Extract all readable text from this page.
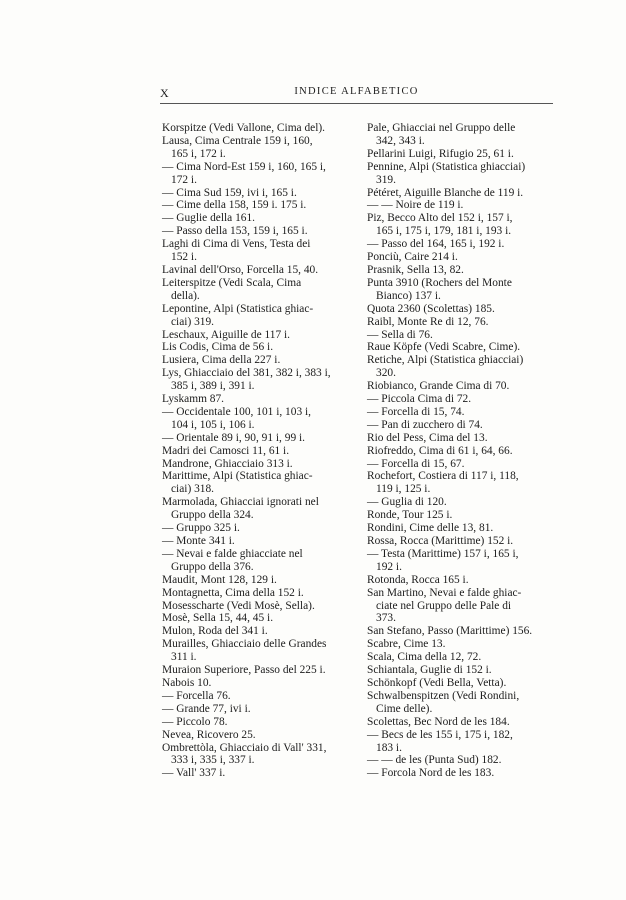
X	INDICE ALFABETICO

Korspitze (Vedi Vallone, Cima del).

Lausa, Cima Centrale 159 i, 160,

165 i, 172 i.

— Cima Nord-Est 159 i, 160, 165 i,

172 i.

— Cima Sud 159, ivi i, 165 i.

— Cime della 158, 159 i. 175 i.

— Guglie della 161.

— Passo della 153, 159 i, 165 i.

Laghi di Cima di Vens, Testa dei

152 i.

Lavinal dell'Orso, Forcella 15, 40.

Leiterspitze (Vedi Scala, Cima

della).

Lepontine, Alpi (Statistica ghiac-

ciai) 319.

Leschaux, Aiguille de 117 i.

Lis Codis, Cima de 56 i.

Lusiera, Cima della 227 i.

Lys, Ghiacciaio del 381, 382 i, 383 i,

385 i, 389 i, 391 i.

Lyskamm 87.

— Occidentale 100, 101 i, 103 i,

104 i, 105 i, 106 i.

— Orientale 89 i, 90, 91 i, 99 i.

Madri dei Camosci 11, 61 i.

Mandrone, Ghiacciaio 313 i.

Marittime, Alpi (Statistica ghiac-

ciai) 318.

Marmolada, Ghiacciai ignorati nel

Gruppo della 324.

— Gruppo 325 i.

— Monte 341 i.

— Nevai e falde ghiacciate nel

Gruppo della 376.

Maudit, Mont 128, 129 i.

Montagnetta, Cima della 152 i.

Mosesscharte (Vedi Mosè, Sella).

Mosè, Sella 15, 44, 45 i.

Mulon, Roda del 341 i.

Murailles, Ghiacciaio delle Grandes

311 i.

Muraion Superiore, Passo del 225 i.

Nabois 10.

— Forcella 76.

— Grande 77, ivi i.

— Piccolo 78.

Nevea, Ricovero 25.

Ombrettòla, Ghiacciaio di Vall' 331,

333 i, 335 i, 337 i.

— Vall' 337 i.

Pale, Ghiacciai nel Gruppo delle

342, 343 i.

Pellarini Luigi, Rifugio 25, 61 i.

Pennine, Alpi (Statistica ghiacciai)

319.

Pétéret, Aiguille Blanche de 119 i.

— — Noire de 119 i.

Piz, Becco Alto del 152 i, 157 i,

165 i, 175 i, 179, 181 i, 193 i.

— Passo del 164, 165 i, 192 i.

Ponciù, Caire 214 i.

Prasnik, Sella 13, 82.

Punta 3910 (Rochers del Monte

Bianco) 137 i.

Quota 2360 (Scolettas) 185.

Raibl, Monte Re di 12, 76.

— Sella di 76.

Raue Köpfe (Vedi Scabre, Cime).

Retiche, Alpi (Statistica ghiacciai)

320.

Riobianco, Grande Cima di 70.

— Piccola Cima di 72.

— Forcella di 15, 74.

— Pan di zucchero di 74.

Rio del Pess, Cima del 13.

Riofreddo, Cima di 61 i, 64, 66.

— Forcella di 15, 67.

Rochefort, Costiera di 117 i, 118,

119 i, 125 i.

— Guglia di 120.

Ronde, Tour 125 i.

Rondini, Cime delle 13, 81.

Rossa, Rocca (Marittime) 152 i.

— Testa (Marittime) 157 i, 165 i,

192 i.

Rotonda, Rocca 165 i.

San Martino, Nevai e falde ghiac-

ciate nel Gruppo delle Pale di

373.

San Stefano, Passo (Marittime) 156.

Scabre, Cime 13.

Scala, Cima della 12, 72.

Schiantala, Guglie di 152 i.

Schönkopf (Vedi Bella, Vetta).

Schwalbenspitzen (Vedi Rondini,

Cime delle).

Scolettas, Bec Nord de les 184.

— Becs de les 155 i, 175 i, 182,

183 i.

— — de les (Punta Sud) 182.

— Forcola Nord de les 183.
